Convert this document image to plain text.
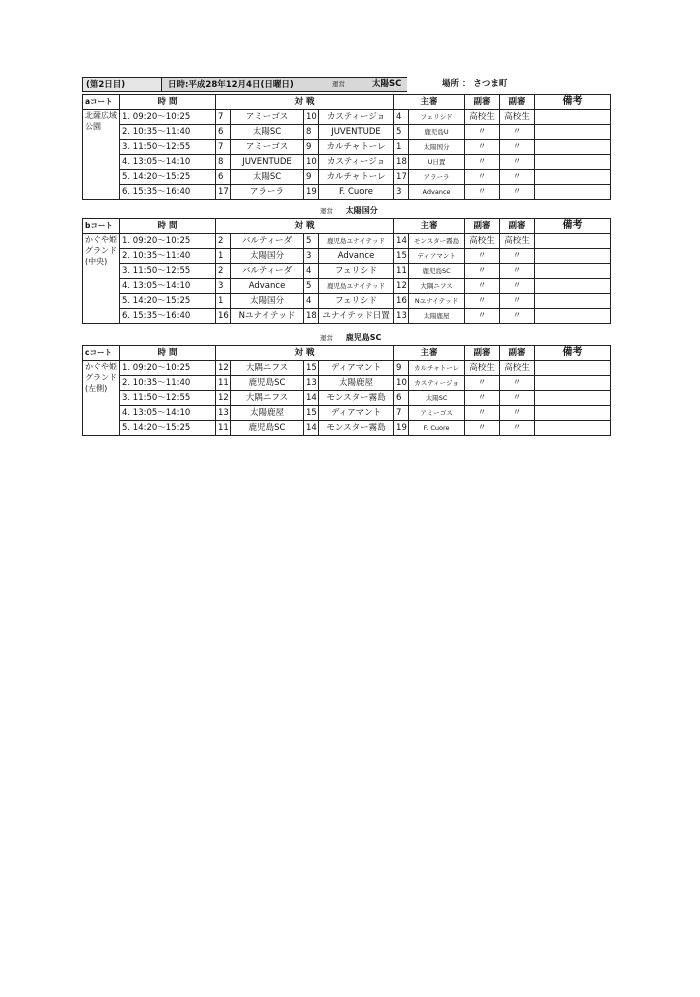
(第2日目)	日時:平成28年12月4日(日曜日)	運営	太陽SC	場所 ： さつま町
aコート	時 間	対 戦				主審		副審	副審	備考
北薩広域公園	1. 09:20～10:25	7	アミーゴス	10	カスティージョ	4	フェリシド	高校生	高校生	
	2. 10:35～11:40	6	太陽SC	8	JUVENTUDE	5	鹿児島U	〃	〃	
	3. 11:50～12:55	7	アミーゴス	9	カルチャトーレ	1	太陽国分	〃	〃	
	4. 13:05～14:10	8	JUVENTUDE	10	カスティージョ	18	U日置	〃	〃	
	5. 14:20～15:25	6	太陽SC	9	カルチャトーレ	17	アラーラ	〃	〃	
	6. 15:35～16:40	17	アラーラ	19	F. Cuore	3	Advance	〃	〃	
運営 太陽国分
bコート	時 間	対 戦				主審		副審	副審	備考
かぐや姫グランド
(中央)	1. 09:20～10:25	2	バルティーダ	5	鹿児島ユナイテッド	14	モンスター霧島	高校生	高校生	
	2. 10:35～11:40	1	太陽国分	3	Advance	15	ディアマント	〃	〃	
	3. 11:50～12:55	2	バルティーダ	4	フェリシド	11	鹿児島SC	〃	〃	
	4. 13:05～14:10	3	Advance	5	鹿児島ユナイテッド	12	大隅ニフス	〃	〃	
	5. 14:20～15:25	1	太陽国分	4	フェリシド	16	Nユナイテッド	〃	〃	
	6. 15:35～16:40	16	Nユナイテッド	18	ユナイテッド日置	13	太陽鹿屋	〃	〃	
運営 鹿児島SC
cコート	時 間	対 戦				主審		副審	副審	備考
かぐや姫グランド
(左側)	1. 09:20～10:25	12	大隅ニフス	15	ディアマント	9	カルチャトーレ	高校生	高校生	
	2. 10:35～11:40	11	鹿児島SC	13	太陽鹿屋	10	カスティージョ	〃	〃	
	3. 11:50～12:55	12	大隅ニフス	14	モンスター霧島	6	太陽SC	〃	〃	
	4. 13:05～14:10	13	太陽鹿屋	15	ディアマント	7	アミーゴス	〃	〃	
	5. 14:20～15:25	11	鹿児島SC	14	モンスター霧島	19	F. Cuore	〃	〃	
